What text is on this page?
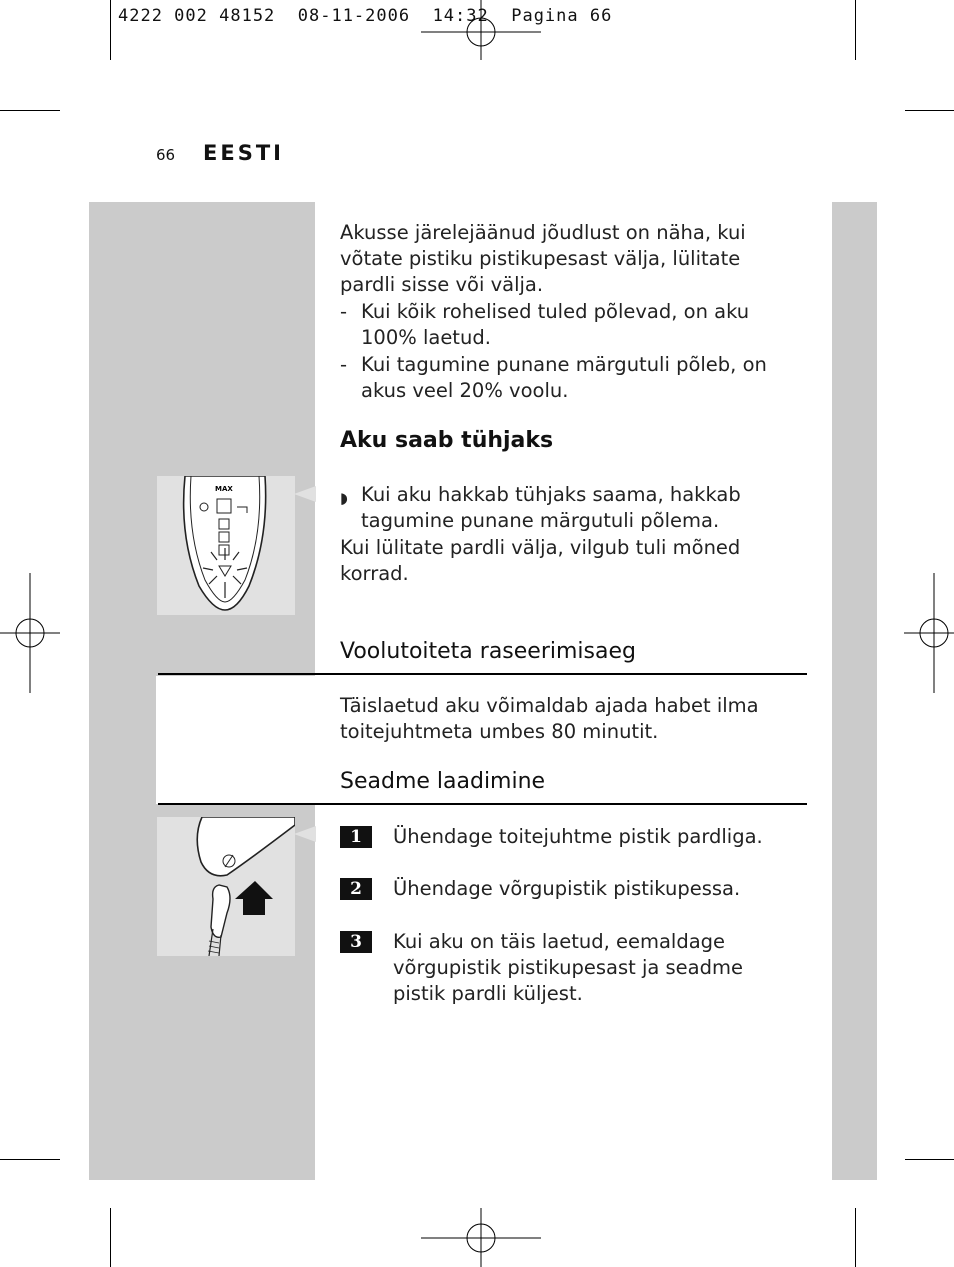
4222 002 48152  08-11-2006  14:32  Pagina 66
66 EESTI
Akusse järelejäänud jõudlust on näha, kui võtate pistiku pistikupesast välja, lülitate pardli sisse või välja.
- Kui kõik rohelised tuled põlevad, on aku 100% laetud.
- Kui tagumine punane märgutuli põleb, on akus veel 20% voolu.
Aku saab tühjaks
MAX	◗ Kui aku hakkab tühjaks saama, hakkab tagumine punane märgutuli põlema.
Kui lülitate pardli välja, vilgub tuli mõned korrad.
Voolutoiteta raseerimisaeg
Täislaetud aku võimaldab ajada habet ilma toitejuhtmeta umbes 80 minutit.
Seadme laadimine
1	Ühendage toitejuhtme pistik pardliga.
2	Ühendage võrgupistik pistikupessa.
3	Kui aku on täis laetud, eemaldage võrgupistik pistikupesast ja seadme pistik pardli küljest.
